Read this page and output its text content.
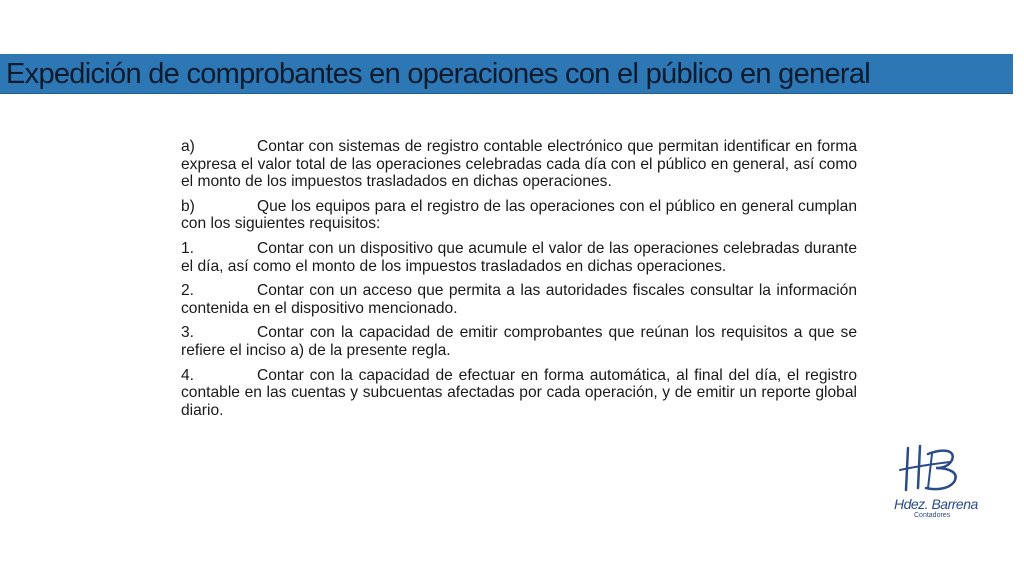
Expedición de comprobantes en operaciones con el público en general

a)	Contar con sistemas de registro contable electrónico que permitan identificar en forma expresa el valor total de las operaciones celebradas cada día con el público en general, así como el monto de los impuestos trasladados en dichas operaciones.

b)	Que los equipos para el registro de las operaciones con el público en general cumplan con los siguientes requisitos:

1.	Contar con un dispositivo que acumule el valor de las operaciones celebradas durante el día, así como el monto de los impuestos trasladados en dichas operaciones.

2.	Contar con un acceso que permita a las autoridades fiscales consultar la información contenida en el dispositivo mencionado.

3.	Contar con la capacidad de emitir comprobantes que reúnan los requisitos a que se refiere el inciso a) de la presente regla.

4.	Contar con la capacidad de efectuar en forma automática, al final del día, el registro contable en las cuentas y subcuentas afectadas por cada operación, y de emitir un reporte global diario.

Hdez. Barrena
Contadores
